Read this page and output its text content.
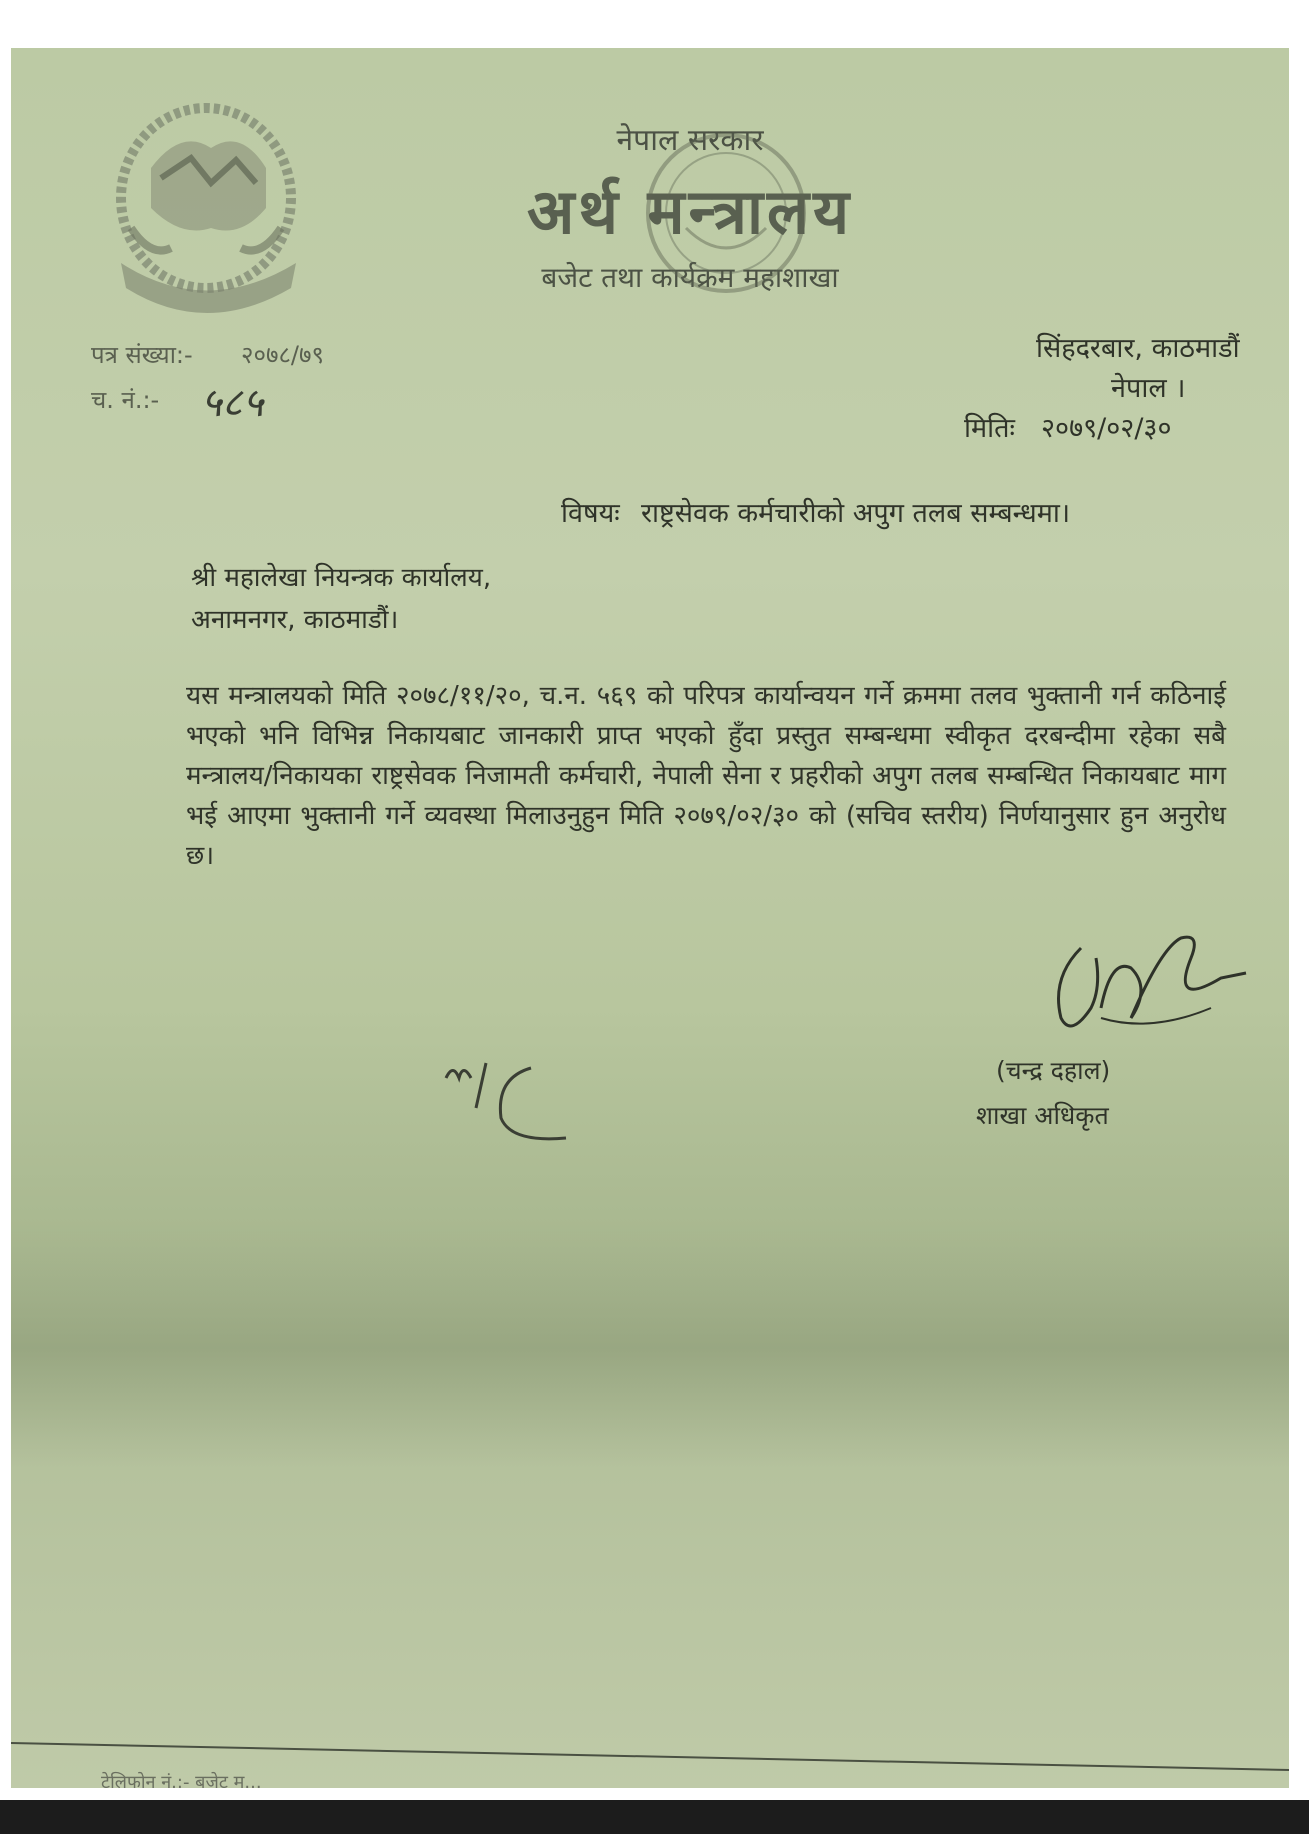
नेपाल सरकार
अर्थ मन्त्रालय
बजेट तथा कार्यक्रम महाशाखा
पत्र संख्या:- २०७८/७९
च. नं.:- ५८५
सिंहदरबार, काठमाडौं
नेपाल ।
मितिः २०७९/०२/३०
विषयः राष्ट्रसेवक कर्मचारीको अपुग तलब सम्बन्धमा।
श्री महालेखा नियन्त्रक कार्यालय,
अनामनगर, काठमाडौं।
यस मन्त्रालयको मिति २०७८/११/२०, च.न. ५६९ को परिपत्र कार्यान्वयन गर्ने क्रममा तलव भुक्तानी गर्न कठिनाई भएको भनि विभिन्न निकायबाट जानकारी प्राप्त भएको हुँदा प्रस्तुत सम्बन्धमा स्वीकृत दरबन्दीमा रहेका सबै मन्त्रालय/निकायका राष्ट्रसेवक निजामती कर्मचारी, नेपाली सेना र प्रहरीको अपुग तलब सम्बन्धित निकायबाट माग भई आएमा भुक्तानी गर्ने व्यवस्था मिलाउनुहुन मिति २०७९/०२/३० को (सचिव स्तरीय) निर्णयानुसार हुन अनुरोध छ।
(चन्द्र दहाल)
शाखा अधिकृत
टेलिफोन नं.:- बजेट म...
